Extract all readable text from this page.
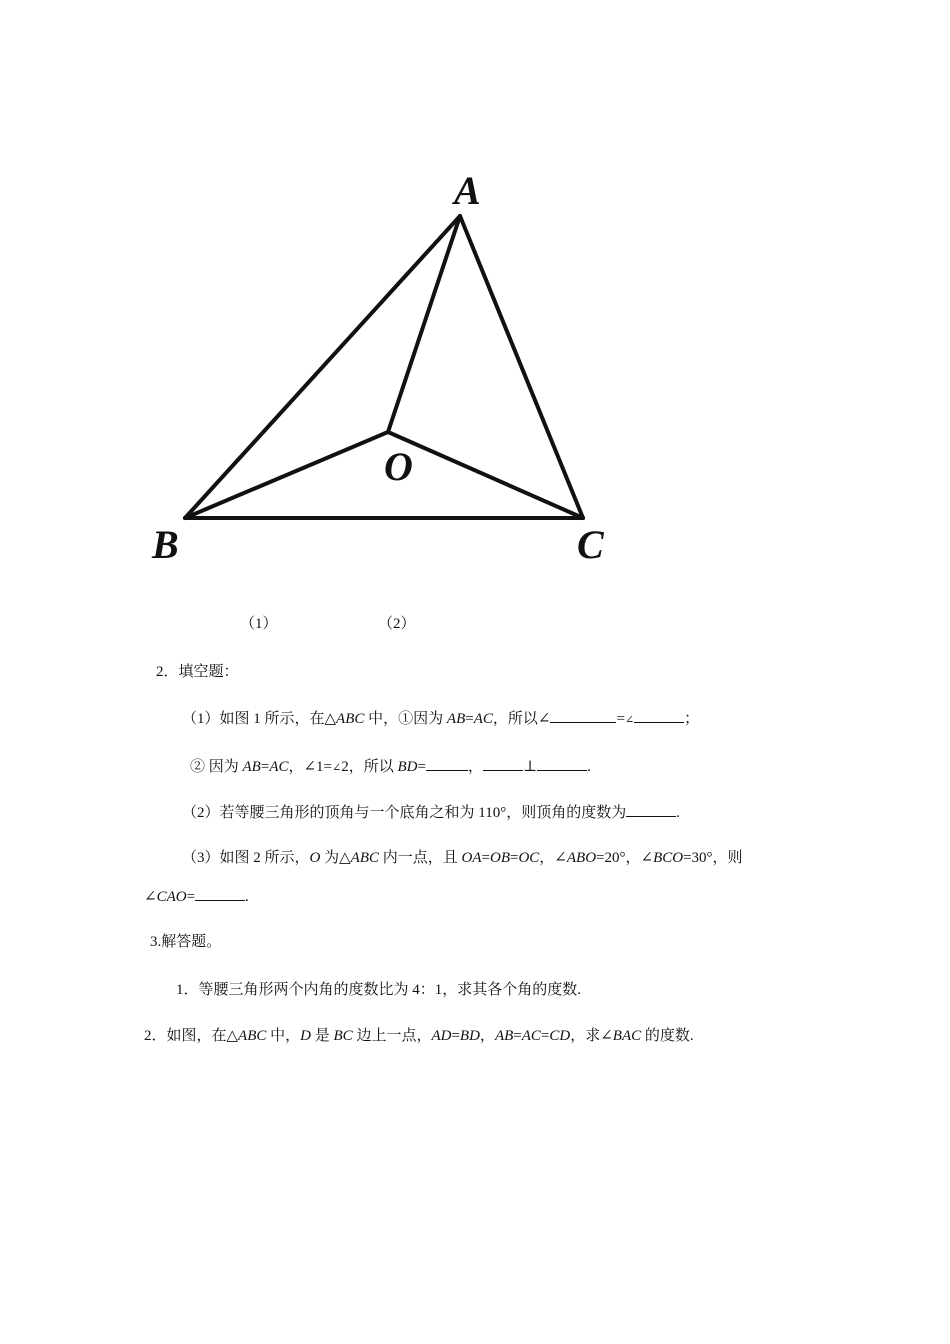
A
O
B	C
（1）	（2）
2．填空题：
（1）如图 1 所示，在△ABC 中，①因为 AB=AC，所以∠	=∠	；
② 因为 AB=AC，∠1=∠2，所以 BD=	，	⊥	.
（2）若等腰三角形的顶角与一个底角之和为 110°，则顶角的度数为	.
（3）如图 2 所示，O 为△ABC 内一点，且 OA=OB=OC，∠ABO=20°，∠BCO=30°，则
∠CAO=	.
3.解答题。
1．等腰三角形两个内角的度数比为 4：1，求其各个角的度数.
2．如图，在△ABC 中，D 是 BC 边上一点，AD=BD，AB=AC=CD，求∠BAC 的度数.
